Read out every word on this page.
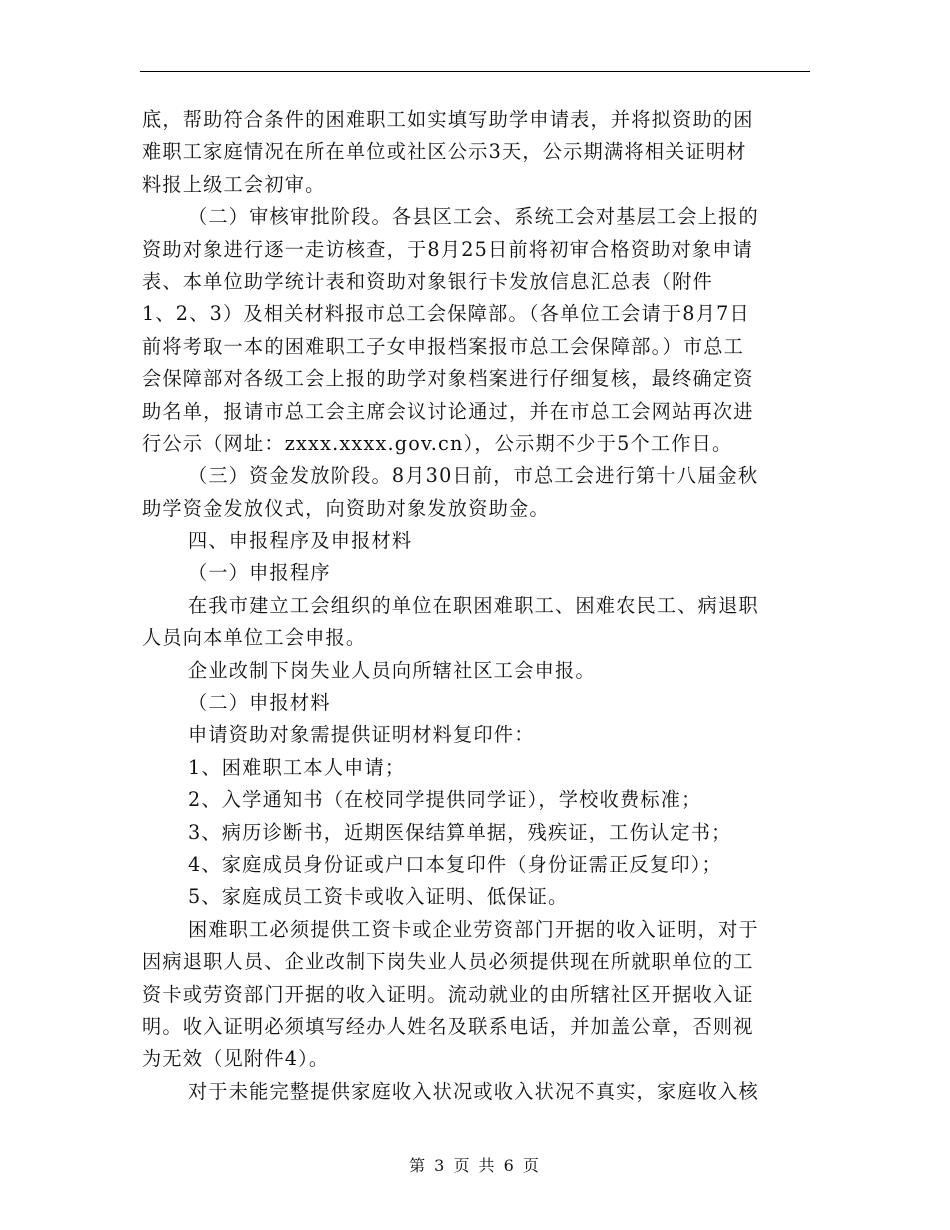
底，帮助符合条件的困难职工如实填写助学申请表，并将拟资助的困
难职工家庭情况在所在单位或社区公示3天，公示期满将相关证明材
料报上级工会初审。
（二）审核审批阶段。各县区工会、系统工会对基层工会上报的
资助对象进行逐一走访核查，于8月25日前将初审合格资助对象申请
表、本单位助学统计表和资助对象银行卡发放信息汇总表（附件
1、2、3）及相关材料报市总工会保障部。（各单位工会请于8月7日
前将考取一本的困难职工子女申报档案报市总工会保障部。）市总工
会保障部对各级工会上报的助学对象档案进行仔细复核，最终确定资
助名单，报请市总工会主席会议讨论通过，并在市总工会网站再次进
行公示（网址：zxxx.xxxx.gov.cn），公示期不少于5个工作日。
（三）资金发放阶段。8月30日前，市总工会进行第十八届金秋
助学资金发放仪式，向资助对象发放资助金。
四、申报程序及申报材料
（一）申报程序
在我市建立工会组织的单位在职困难职工、困难农民工、病退职
人员向本单位工会申报。
企业改制下岗失业人员向所辖社区工会申报。
（二）申报材料
申请资助对象需提供证明材料复印件：
1、困难职工本人申请；
2、入学通知书（在校同学提供同学证），学校收费标准；
3、病历诊断书，近期医保结算单据，残疾证，工伤认定书；
4、家庭成员身份证或户口本复印件（身份证需正反复印）；
5、家庭成员工资卡或收入证明、低保证。
困难职工必须提供工资卡或企业劳资部门开据的收入证明，对于
因病退职人员、企业改制下岗失业人员必须提供现在所就职单位的工
资卡或劳资部门开据的收入证明。流动就业的由所辖社区开据收入证
明。收入证明必须填写经办人姓名及联系电话，并加盖公章，否则视
为无效（见附件4）。
对于未能完整提供家庭收入状况或收入状况不真实，家庭收入核
第 3 页 共 6 页
